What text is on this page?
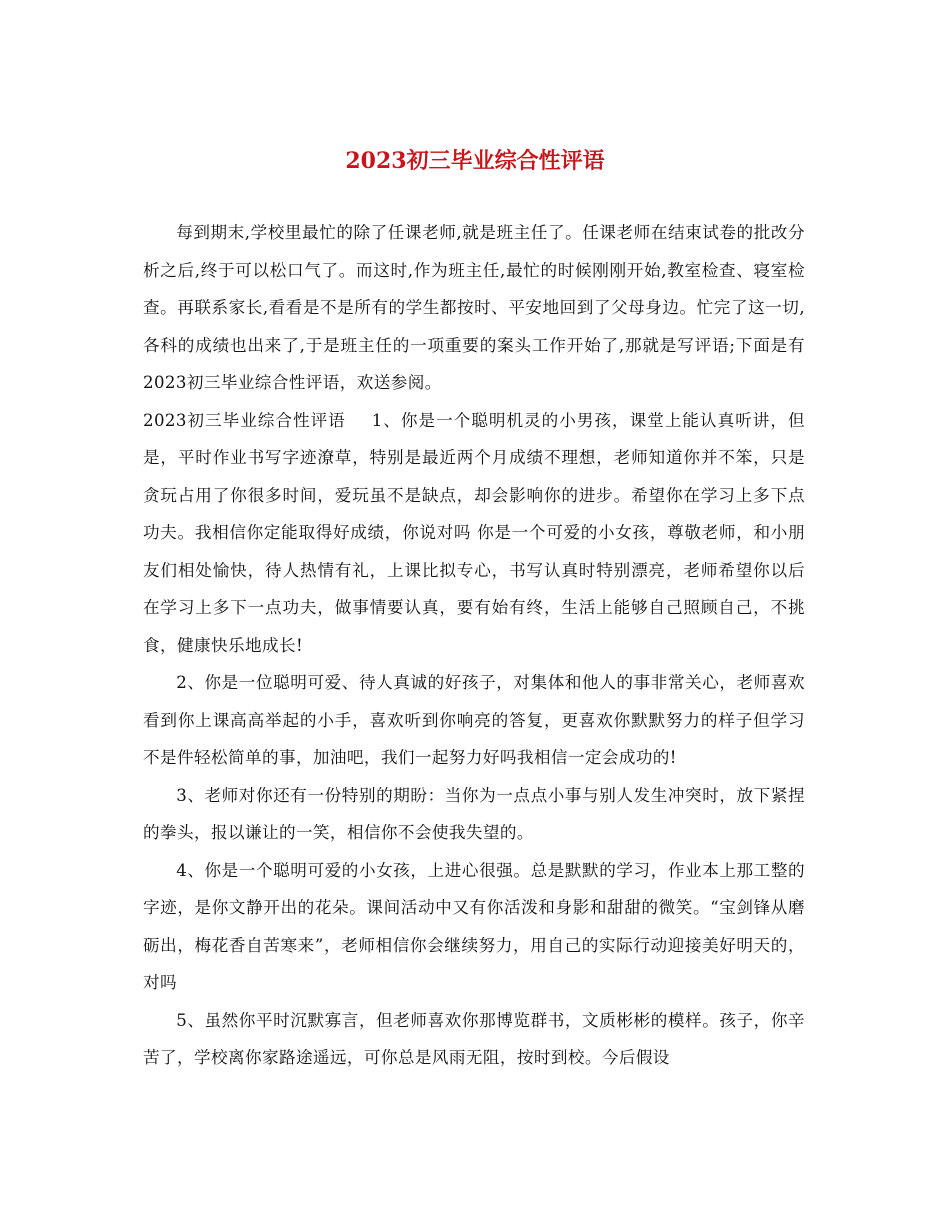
2023初三毕业综合性评语

每到期末,学校里最忙的除了任课老师,就是班主任了。任课老师在结束试卷的批改分析之后,终于可以松口气了。而这时,作为班主任,最忙的时候刚刚开始,教室检查、寝室检查。再联系家长,看看是不是所有的学生都按时、平安地回到了父母身边。忙完了这一切,各科的成绩也出来了,于是班主任的一项重要的案头工作开始了,那就是写评语;下面是有2023初三毕业综合性评语，欢送参阅。

2023初三毕业综合性评语 1、你是一个聪明机灵的小男孩，课堂上能认真听讲，但是，平时作业书写字迹潦草，特别是最近两个月成绩不理想，老师知道你并不笨，只是贪玩占用了你很多时间，爱玩虽不是缺点，却会影响你的进步。希望你在学习上多下点功夫。我相信你定能取得好成绩，你说对吗 你是一个可爱的小女孩，尊敬老师，和小朋友们相处愉快，待人热情有礼，上课比拟专心，书写认真时特别漂亮，老师希望你以后在学习上多下一点功夫，做事情要认真，要有始有终，生活上能够自己照顾自己，不挑食，健康快乐地成长!

2、你是一位聪明可爱、待人真诚的好孩子，对集体和他人的事非常关心，老师喜欢看到你上课高高举起的小手，喜欢听到你响亮的答复，更喜欢你默默努力的样子但学习不是件轻松简单的事，加油吧，我们一起努力好吗我相信一定会成功的!

3、老师对你还有一份特别的期盼：当你为一点点小事与别人发生冲突时，放下紧捏的拳头，报以谦让的一笑，相信你不会使我失望的。

4、你是一个聪明可爱的小女孩，上进心很强。总是默默的学习，作业本上那工整的字迹，是你文静开出的花朵。课间活动中又有你活泼和身影和甜甜的微笑。“宝剑锋从磨砺出，梅花香自苦寒来”，老师相信你会继续努力，用自己的实际行动迎接美好明天的，对吗

5、虽然你平时沉默寡言，但老师喜欢你那博览群书，文质彬彬的模样。孩子，你辛苦了，学校离你家路途遥远，可你总是风雨无阻，按时到校。今后假设
